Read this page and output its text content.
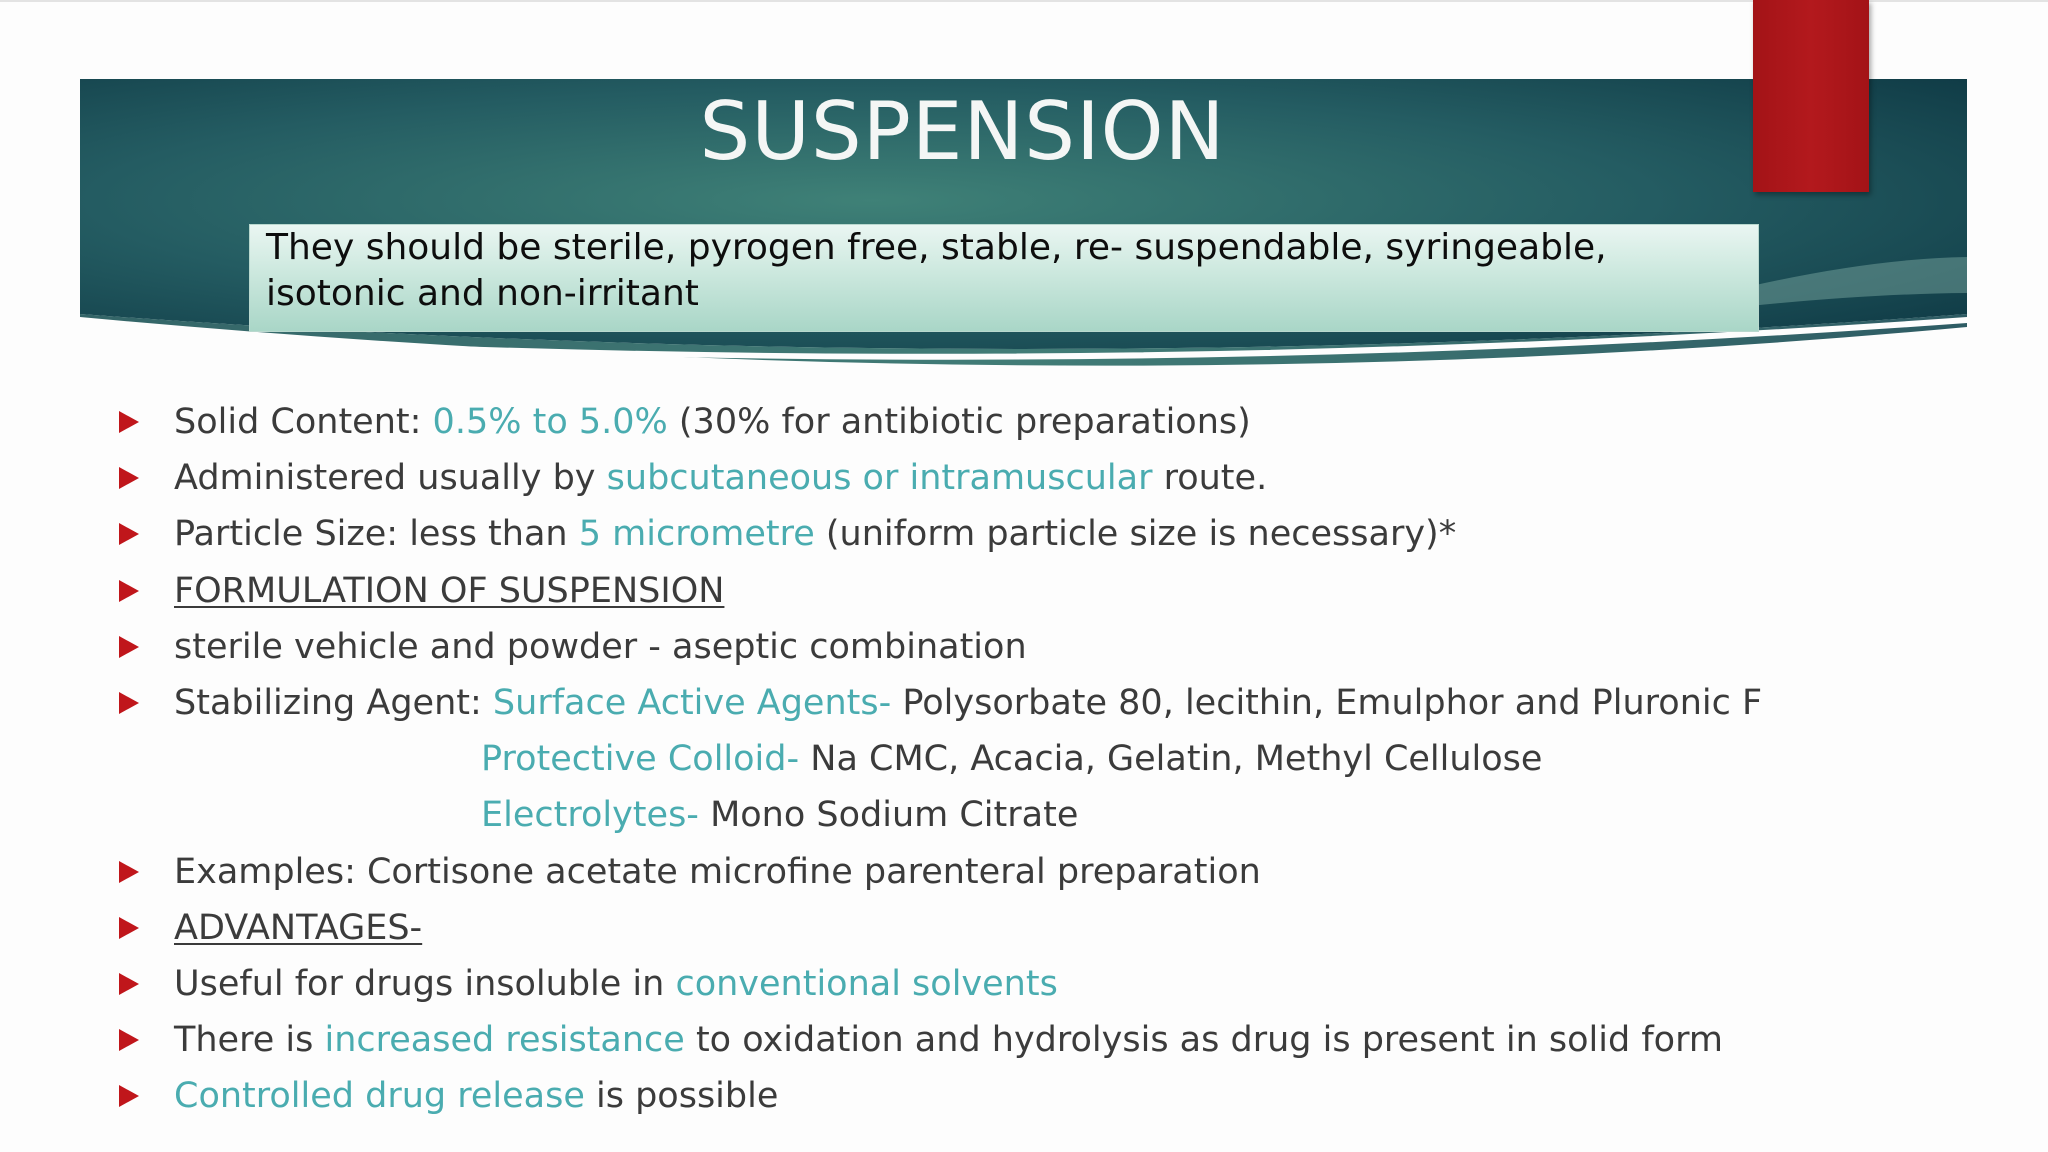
SUSPENSION

They should be sterile, pyrogen free, stable, re- suspendable, syringeable, isotonic and non-irritant

Solid Content: 0.5% to 5.0% (30% for antibiotic preparations)
Administered usually by subcutaneous or intramuscular route.
Particle Size: less than 5 micrometre (uniform particle size is necessary)*
FORMULATION OF SUSPENSION
sterile vehicle and powder - aseptic combination
Stabilizing Agent: Surface Active Agents- Polysorbate 80, lecithin, Emulphor and Pluronic F
Protective Colloid- Na CMC, Acacia, Gelatin, Methyl Cellulose
Electrolytes- Mono Sodium Citrate
Examples: Cortisone acetate microfine parenteral preparation
ADVANTAGES-
Useful for drugs insoluble in conventional solvents
There is increased resistance to oxidation and hydrolysis as drug is present in solid form
Controlled drug release is possible
